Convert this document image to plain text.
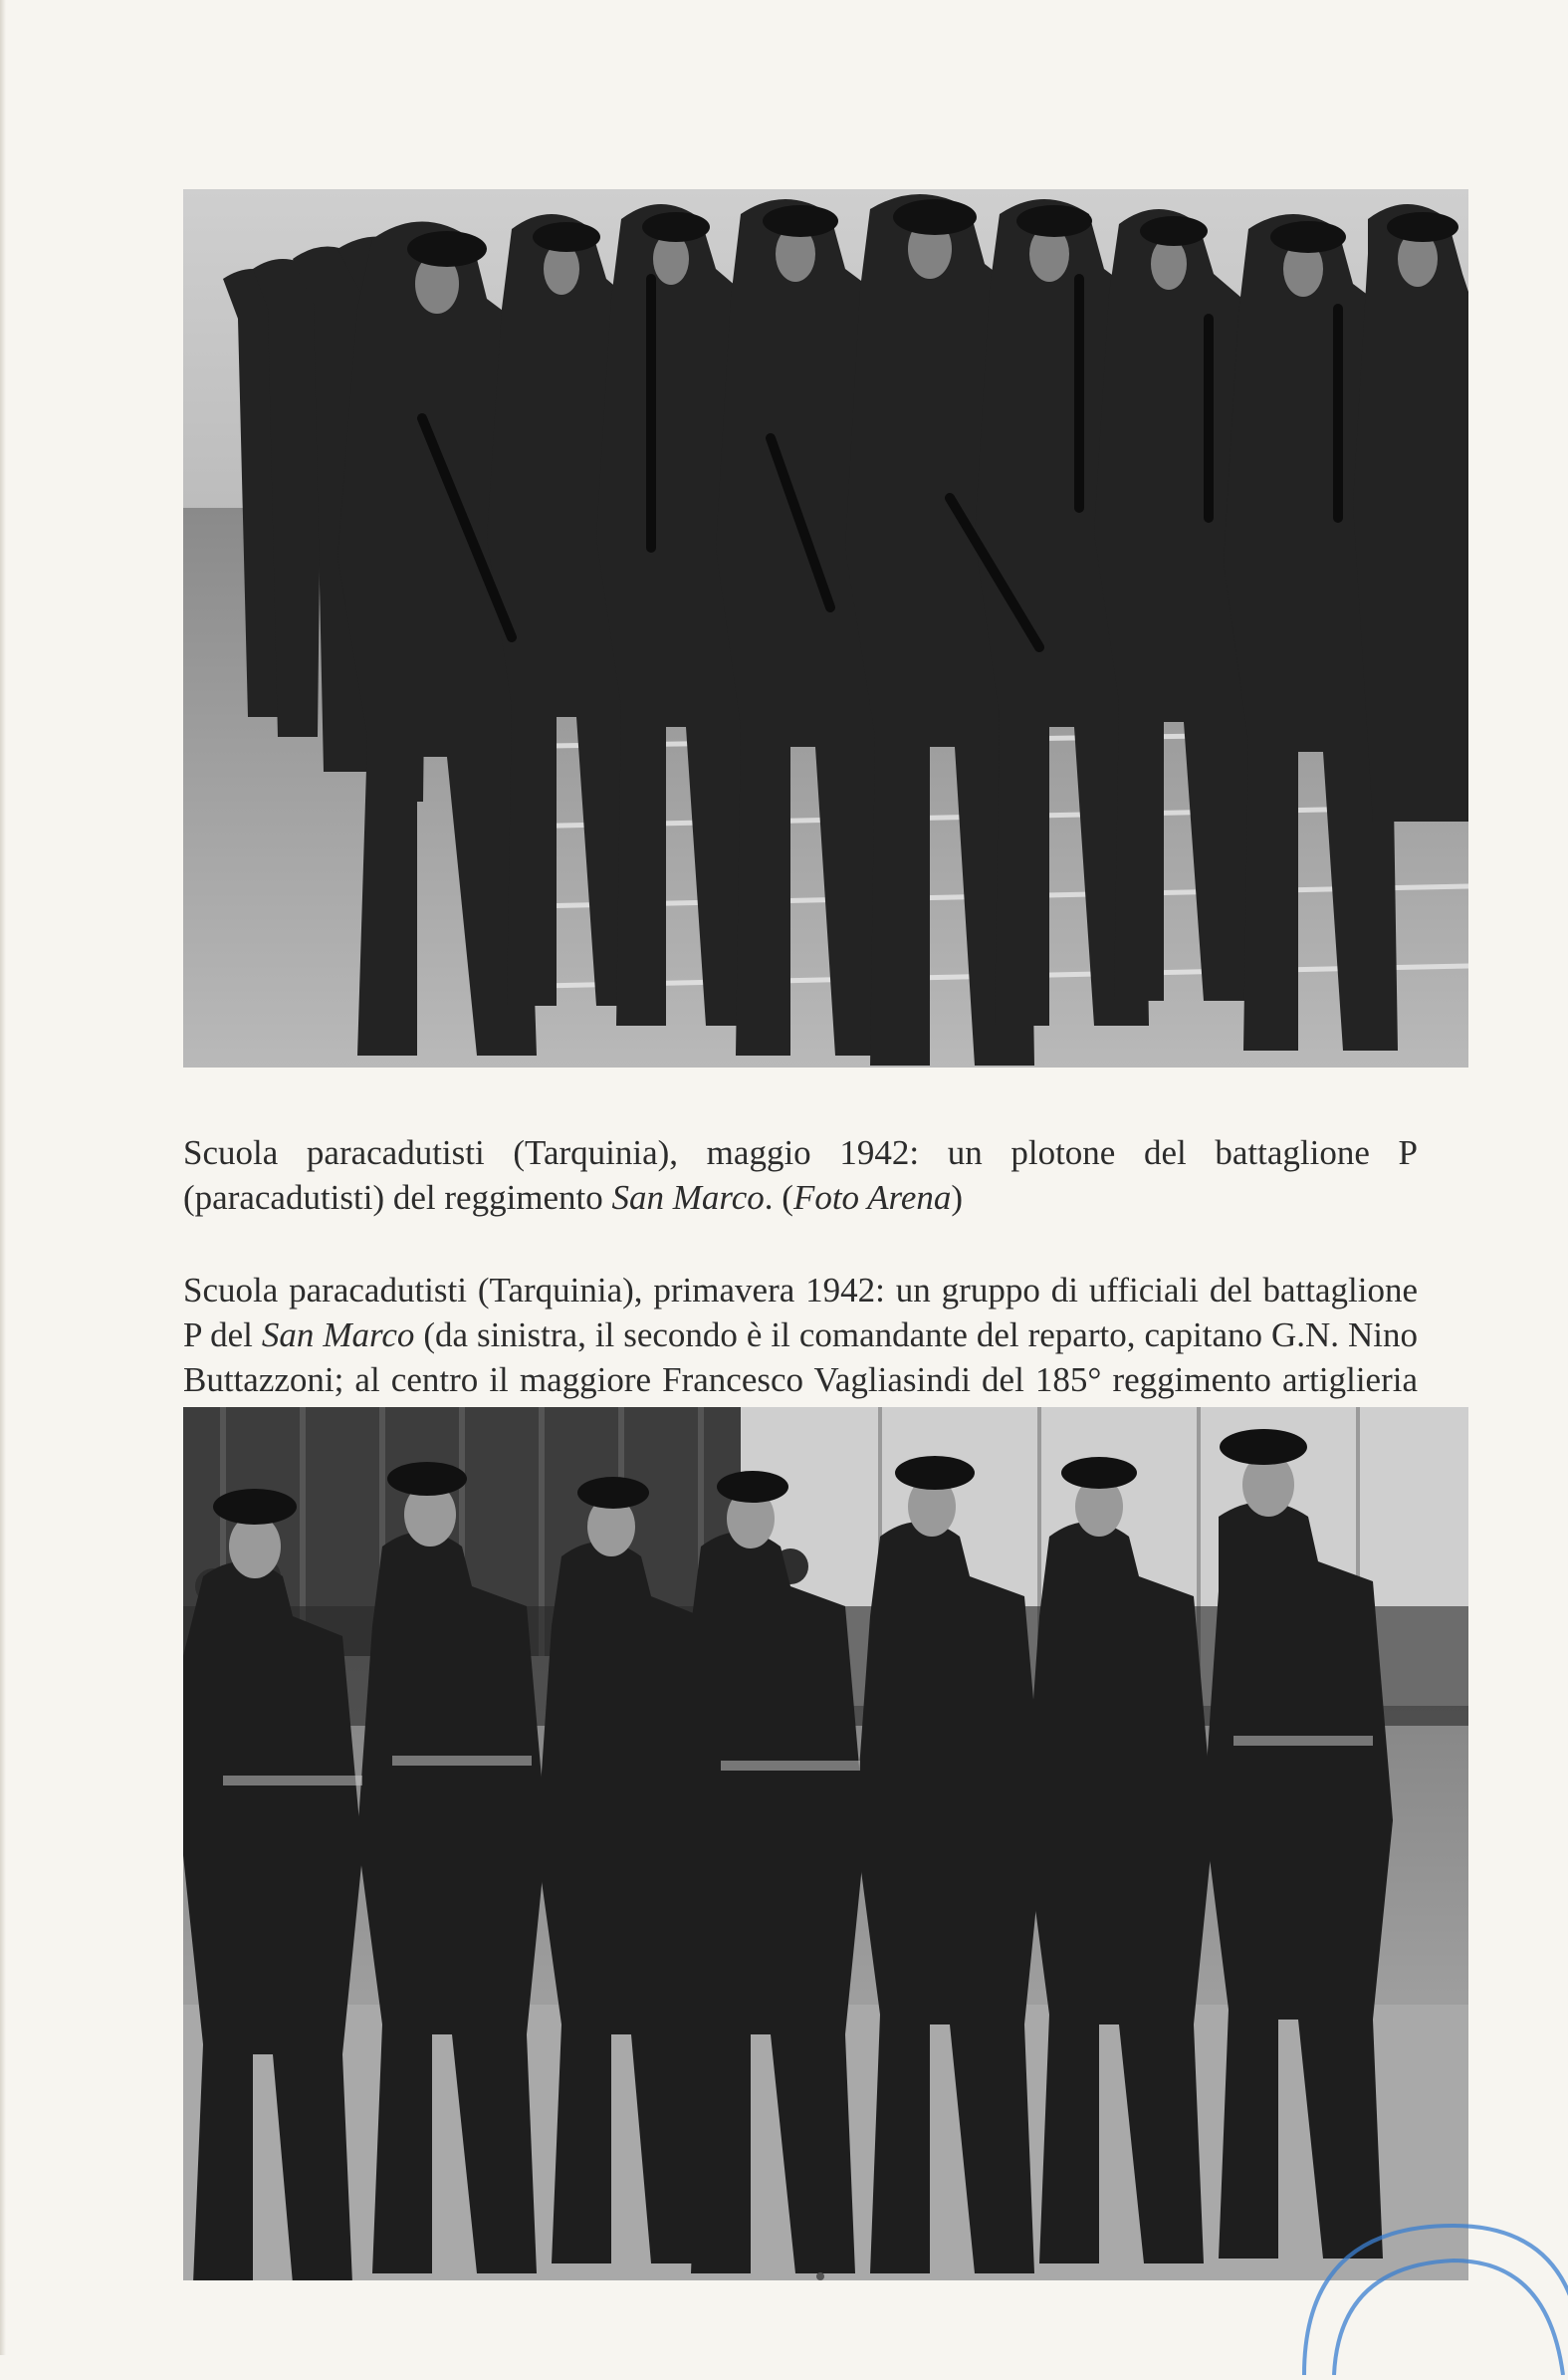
Scuola paracadutisti (Tarquinia), maggio 1942: un plotone del battaglione P (paracadutisti) del reggimento San Marco. (Foto Arena)

Scuola paracadutisti (Tarquinia), primavera 1942: un gruppo di ufficiali del battaglione P del San Marco (da sinistra, il secondo è il comandante del reparto, capitano G.N. Nino Buttazzoni; al centro il maggiore Francesco Vagliasindi del 185° reggimento artiglieria
